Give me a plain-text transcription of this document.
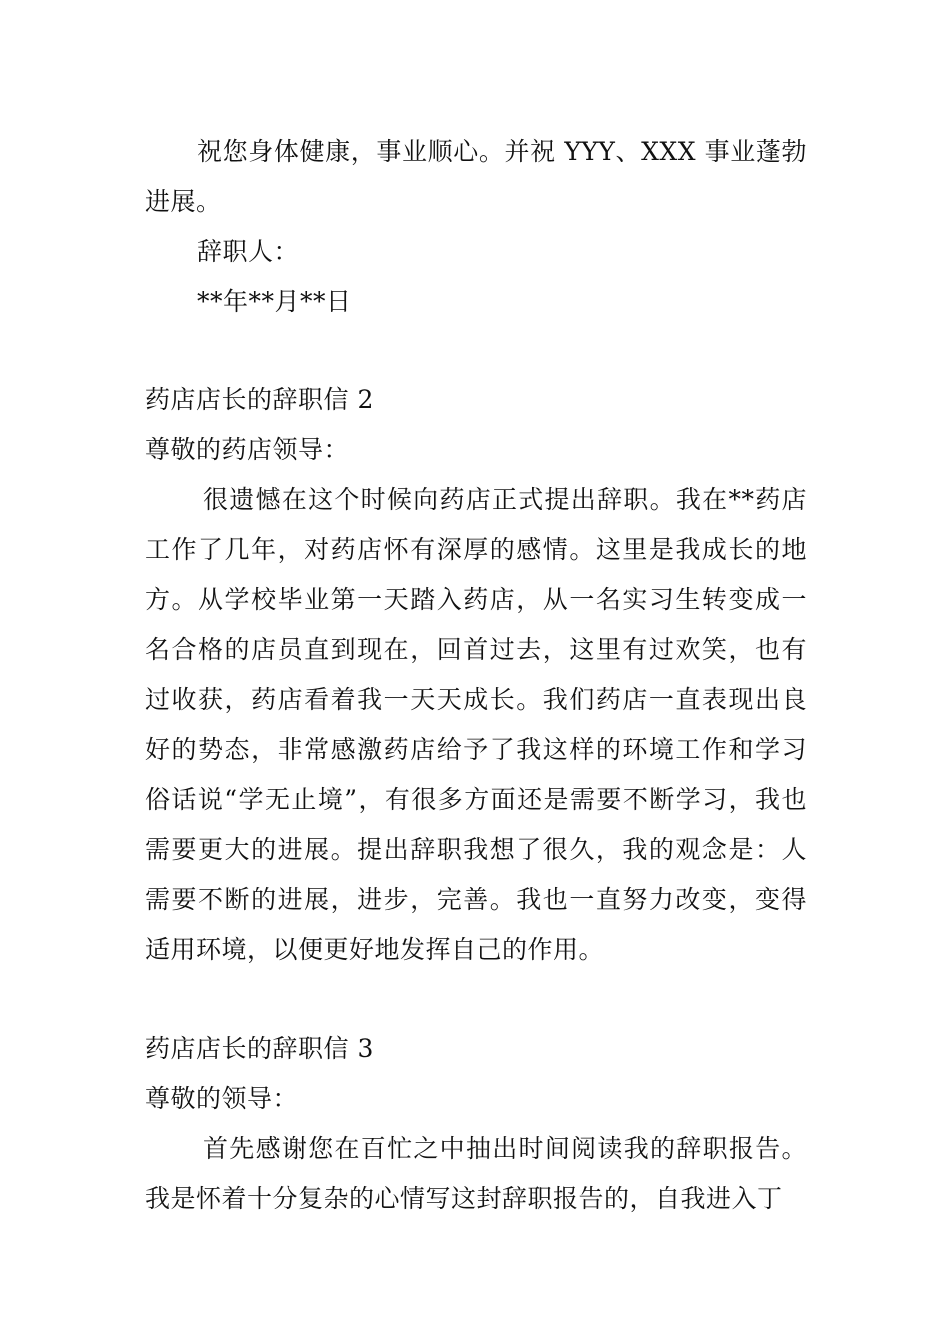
祝您身体健康，事业顺心。并祝 YYY、XXX 事业蓬勃进展。

辞职人：

**年**月**日

药店店长的辞职信 2

尊敬的药店领导：

很遗憾在这个时候向药店正式提出辞职。我在**药店工作了几年，对药店怀有深厚的感情。这里是我成长的地方。从学校毕业第一天踏入药店，从一名实习生转变成一名合格的店员直到现在，回首过去，这里有过欢笑，也有过收获，药店看着我一天天成长。我们药店一直表现出良好的势态，非常感激药店给予了我这样的环境工作和学习俗话说“学无止境”，有很多方面还是需要不断学习，我也需要更大的进展。提出辞职我想了很久，我的观念是：人需要不断的进展，进步，完善。我也一直努力改变，变得适用环境，以便更好地发挥自己的作用。

药店店长的辞职信 3

尊敬的领导：

首先感谢您在百忙之中抽出时间阅读我的辞职报告。我是怀着十分复杂的心情写这封辞职报告的，自我进入丁
